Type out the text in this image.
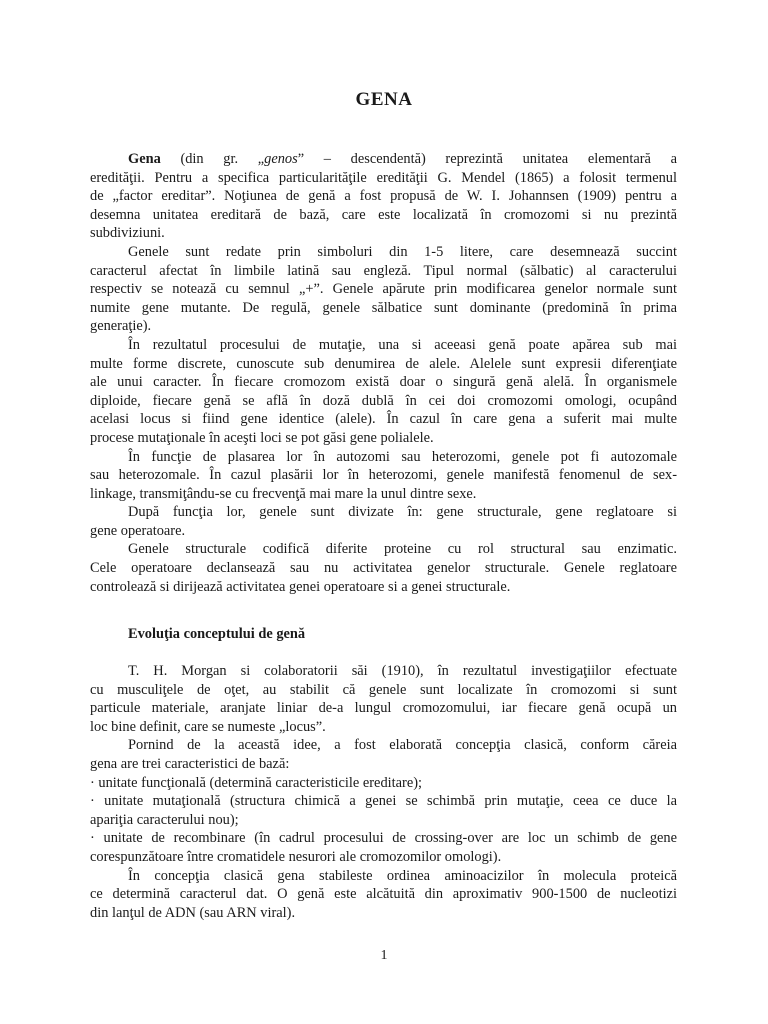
GENA
Gena (din gr. „genos” – descendentă) reprezintă unitatea elementară a
eredităţii. Pentru a specifica particularităţile eredităţii G. Mendel (1865) a folosit termenul
de „factor ereditar”. Noţiunea de genă a fost propusă de W. I. Johannsen (1909) pentru a
desemna unitatea ereditară de bază, care este localizată în cromozomi si nu prezintă
subdiviziuni.
Genele sunt redate prin simboluri din 1-5 litere, care desemnează succint
caracterul afectat în limbile latină sau engleză. Tipul normal (sălbatic) al caracterului
respectiv se notează cu semnul „+”. Genele apărute prin modificarea genelor normale sunt
numite gene mutante. De regulă, genele sălbatice sunt dominante (predomină în prima
generaţie).
În rezultatul procesului de mutaţie, una si aceeasi genă poate apărea sub mai
multe forme discrete, cunoscute sub denumirea de alele. Alelele sunt expresii diferenţiate
ale unui caracter. În fiecare cromozom există doar o singură genă alelă. În organismele
diploide, fiecare genă se află în doză dublă în cei doi cromozomi omologi, ocupând
acelasi locus si fiind gene identice (alele). În cazul în care gena a suferit mai multe
procese mutaţionale în aceşti loci se pot găsi gene polialele.
În funcţie de plasarea lor în autozomi sau heterozomi, genele pot fi autozomale
sau heterozomale. În cazul plasării lor în heterozomi, genele manifestă fenomenul de sex-
linkage, transmiţându-se cu frecvenţă mai mare la unul dintre sexe.
După funcţia lor, genele sunt divizate în: gene structurale, gene reglatoare si
gene operatoare.
Genele structurale codifică diferite proteine cu rol structural sau enzimatic.
Cele operatoare declansează sau nu activitatea genelor structurale. Genele reglatoare
controlează si dirijează activitatea genei operatoare si a genei structurale.
Evoluţia conceptului de genă
T. H. Morgan si colaboratorii săi (1910), în rezultatul investigaţiilor efectuate
cu musculiţele de oţet, au stabilit că genele sunt localizate în cromozomi si sunt
particule materiale, aranjate liniar de-a lungul cromozomului, iar fiecare genă ocupă un
loc bine definit, care se numeste „locus”.
Pornind de la această idee, a fost elaborată concepţia clasică, conform căreia
gena are trei caracteristici de bază:
· unitate funcţională (determină caracteristicile ereditare);
· unitate mutaţională (structura chimică a genei se schimbă prin mutaţie, ceea ce duce la
apariţia caracterului nou);
· unitate de recombinare (în cadrul procesului de crossing-over are loc un schimb de gene
corespunzătoare între cromatidele nesurori ale cromozomilor omologi).
În concepţia clasică gena stabileste ordinea aminoacizilor în molecula proteică
ce determină caracterul dat. O genă este alcătuită din aproximativ 900-1500 de nucleotizi
din lanţul de ADN (sau ARN viral).
1
